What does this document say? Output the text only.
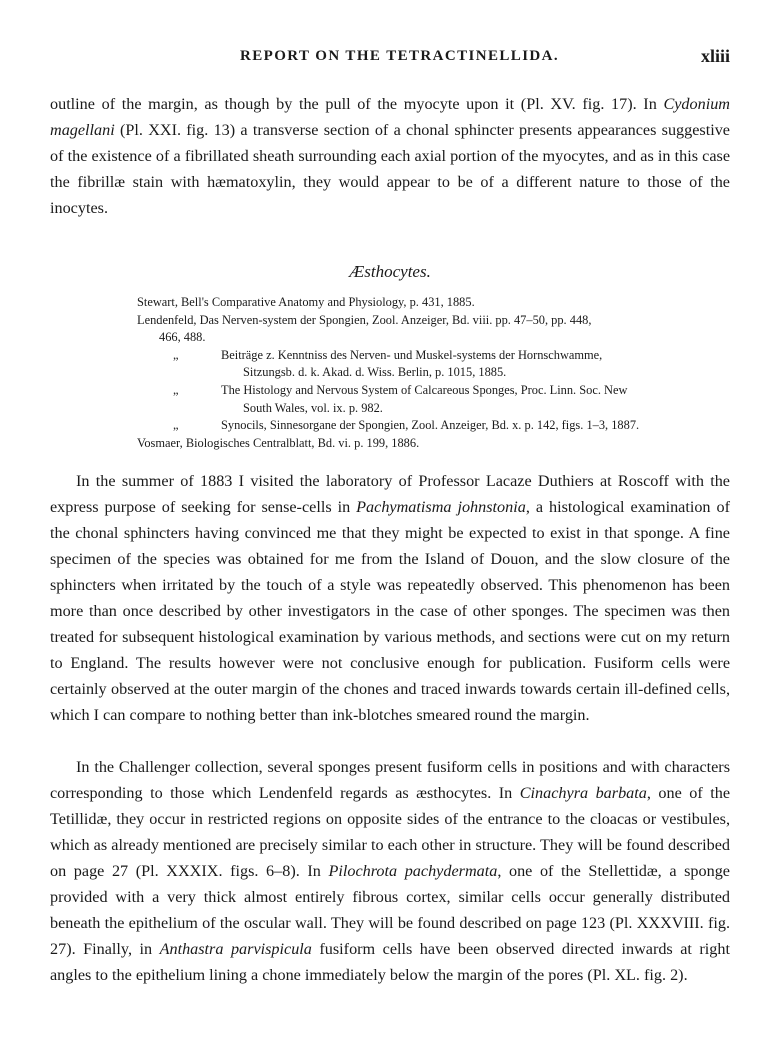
REPORT ON THE TETRACTINELLIDA.	xliii

outline of the margin, as though by the pull of the myocyte upon it (Pl. XV. fig. 17). In Cydonium magellani (Pl. XXI. fig. 13) a transverse section of a chonal sphincter presents appearances suggestive of the existence of a fibrillated sheath surrounding each axial portion of the myocytes, and as in this case the fibrillæ stain with hæmatoxylin, they would appear to be of a different nature to those of the inocytes.

Æsthocytes.
Stewart, Bell's Comparative Anatomy and Physiology, p. 431, 1885.
Lendenfeld, Das Nerven-system der Spongien, Zool. Anzeiger, Bd. viii. pp. 47–50, pp. 448,
466, 488.
„	Beiträge z. Kenntniss des Nerven- und Muskel-systems der Hornschwamme,
Sitzungsb. d. k. Akad. d. Wiss. Berlin, p. 1015, 1885.
„	The Histology and Nervous System of Calcareous Sponges, Proc. Linn. Soc. New
South Wales, vol. ix. p. 982.
„	Synocils, Sinnesorgane der Spongien, Zool. Anzeiger, Bd. x. p. 142, figs. 1–3, 1887.
Vosmaer, Biologisches Centralblatt, Bd. vi. p. 199, 1886.

In the summer of 1883 I visited the laboratory of Professor Lacaze Duthiers at Roscoff with the express purpose of seeking for sense-cells in Pachymatisma johnstonia, a histological examination of the chonal sphincters having convinced me that they might be expected to exist in that sponge. A fine specimen of the species was obtained for me from the Island of Douon, and the slow closure of the sphincters when irritated by the touch of a style was repeatedly observed. This phenomenon has been more than once described by other investigators in the case of other sponges. The specimen was then treated for subsequent histological examination by various methods, and sections were cut on my return to England. The results however were not conclusive enough for publication. Fusiform cells were certainly observed at the outer margin of the chones and traced inwards towards certain ill-defined cells, which I can compare to nothing better than ink-blotches smeared round the margin.

In the Challenger collection, several sponges present fusiform cells in positions and with characters corresponding to those which Lendenfeld regards as æsthocytes. In Cinachyra barbata, one of the Tetillidæ, they occur in restricted regions on opposite sides of the entrance to the cloacas or vestibules, which as already mentioned are precisely similar to each other in structure. They will be found described on page 27 (Pl. XXXIX. figs. 6–8). In Pilochrota pachydermata, one of the Stellettidæ, a sponge provided with a very thick almost entirely fibrous cortex, similar cells occur generally distributed beneath the epithelium of the oscular wall. They will be found described on page 123 (Pl. XXXVIII. fig. 27). Finally, in Anthastra parvispicula fusiform cells have been observed directed inwards at right angles to the epithelium lining a chone immediately below the margin of the pores (Pl. XL. fig. 2).
